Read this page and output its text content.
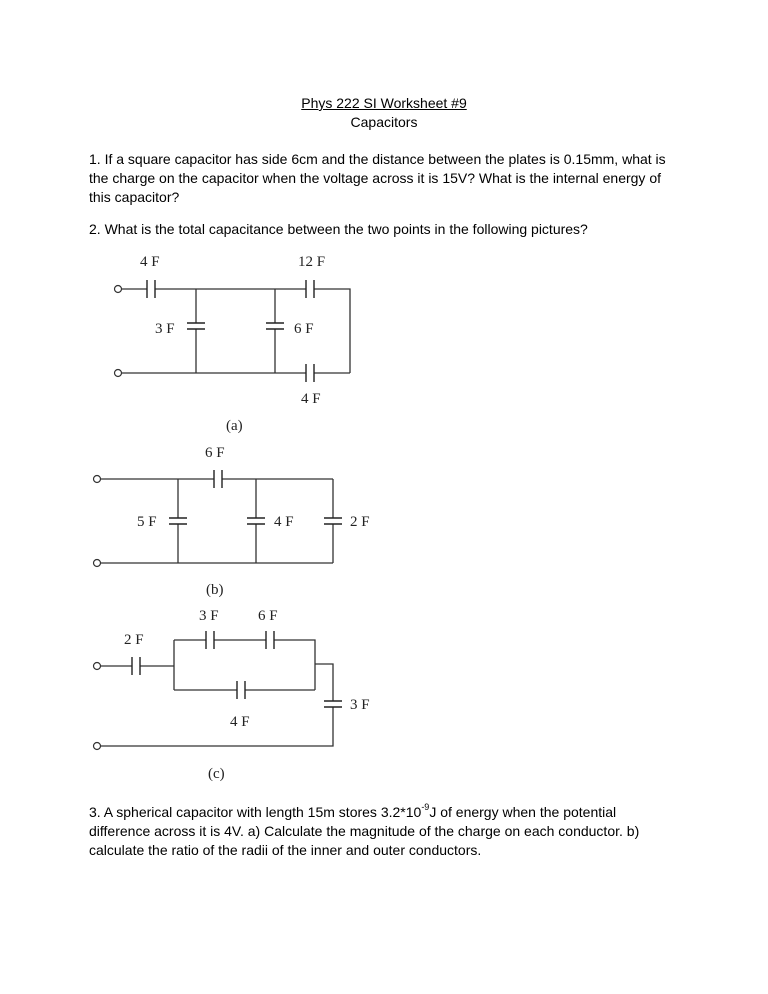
Phys 222 SI Worksheet #9
Capacitors
1. If a square capacitor has side 6cm and the distance between the plates is 0.15mm, what is the charge on the capacitor when the voltage across it is 15V? What is the internal energy of this capacitor?
2. What is the total capacitance between the two points in the following pictures?
3. A spherical capacitor with length 15m stores $3.2*10^{-9}J$ of energy when the potential difference across it is 4V. a) Calculate the magnitude of the charge on each conductor. b) calculate the ratio of the radii of the inner and outer conductors.
4 F	12 F
3 F	6 F
4 F
(a)
6 F
5 F	4 F	2 F
(b)
2 F
3 F	6 F
4 F
3 F
(c)
